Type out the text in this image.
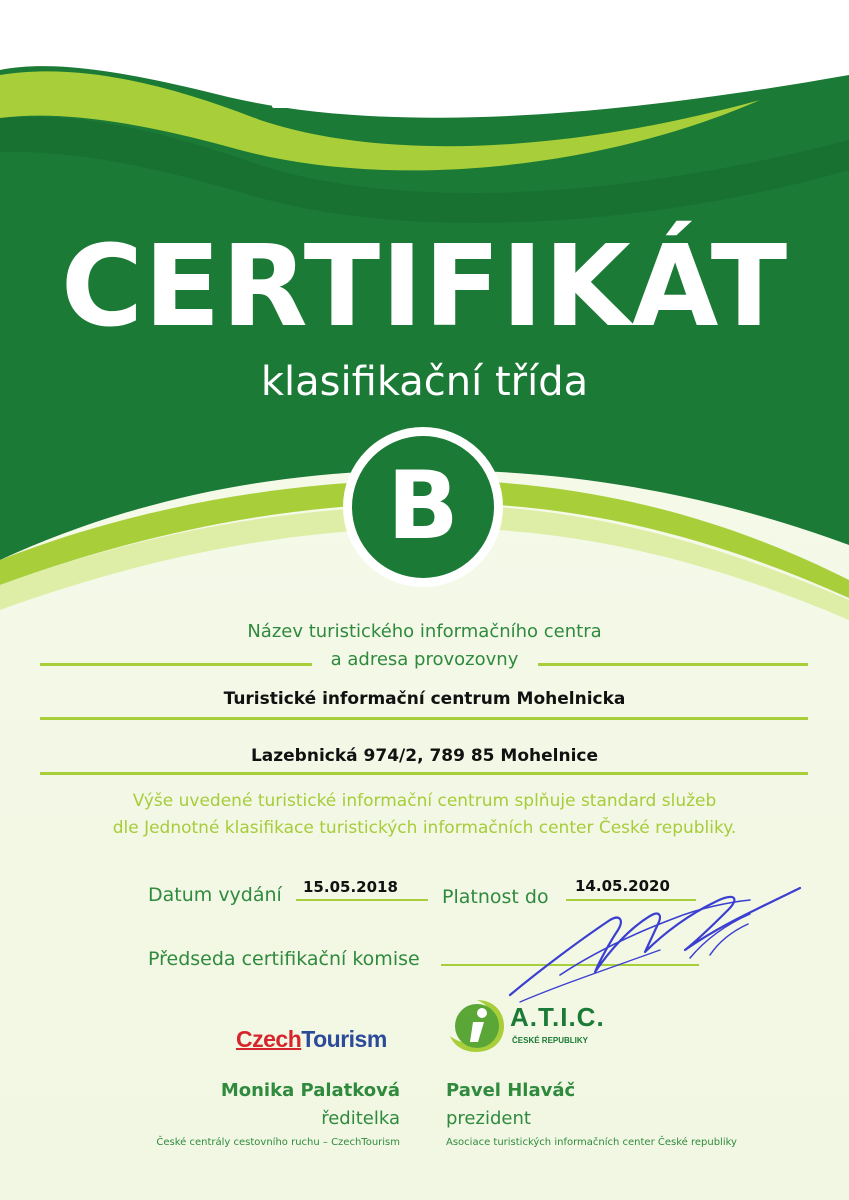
Jednotná klasifikace
turistických informačních
center České republiky
CERTIFIKÁT
klasifikační třída
B
Název turistického informačního centra
a adresa provozovny
Turistické informační centrum Mohelnicka
Lazebnická 974/2, 789 85 Mohelnice
Výše uvedené turistické informační centrum splňuje standard služeb
dle Jednotné klasifikace turistických informačních center České republiky.
Datum vydání 15.05.2018 Platnost do 14.05.2020
Předseda certifikační komise
CzechTourism
A.T.I.C.
ČESKÉ REPUBLIKY
Monika Palatková
ředitelka
České centrály cestovního ruchu – CzechTourism
Pavel Hlaváč
prezident
Asociace turistických informačních center České republiky
